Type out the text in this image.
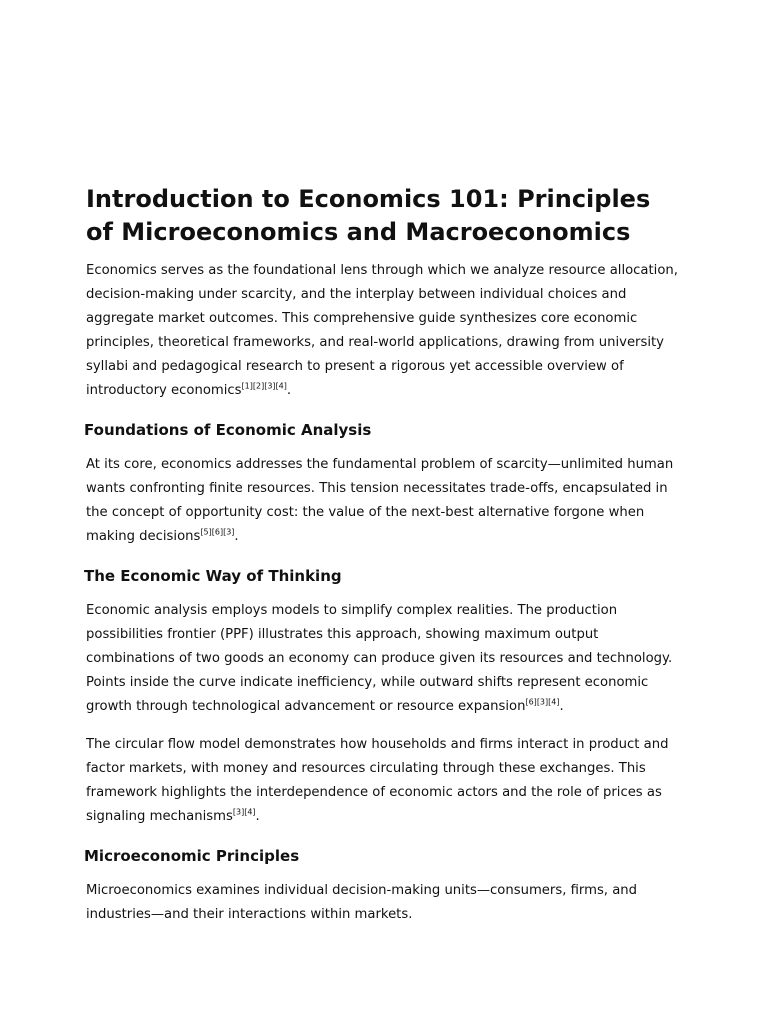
Introduction to Economics 101: Principles of Microeconomics and Macroeconomics

Economics serves as the foundational lens through which we analyze resource allocation, decision-making under scarcity, and the interplay between individual choices and aggregate market outcomes. This comprehensive guide synthesizes core economic principles, theoretical frameworks, and real-world applications, drawing from university syllabi and pedagogical research to present a rigorous yet accessible overview of introductory economics[1][2][3][4].

Foundations of Economic Analysis

At its core, economics addresses the fundamental problem of scarcity—unlimited human wants confronting finite resources. This tension necessitates trade-offs, encapsulated in the concept of opportunity cost: the value of the next-best alternative forgone when making decisions[5][6][3].

The Economic Way of Thinking

Economic analysis employs models to simplify complex realities. The production possibilities frontier (PPF) illustrates this approach, showing maximum output combinations of two goods an economy can produce given its resources and technology. Points inside the curve indicate inefficiency, while outward shifts represent economic growth through technological advancement or resource expansion[6][3][4].

The circular flow model demonstrates how households and firms interact in product and factor markets, with money and resources circulating through these exchanges. This framework highlights the interdependence of economic actors and the role of prices as signaling mechanisms[3][4].

Microeconomic Principles

Microeconomics examines individual decision-making units—consumers, firms, and industries—and their interactions within markets.
